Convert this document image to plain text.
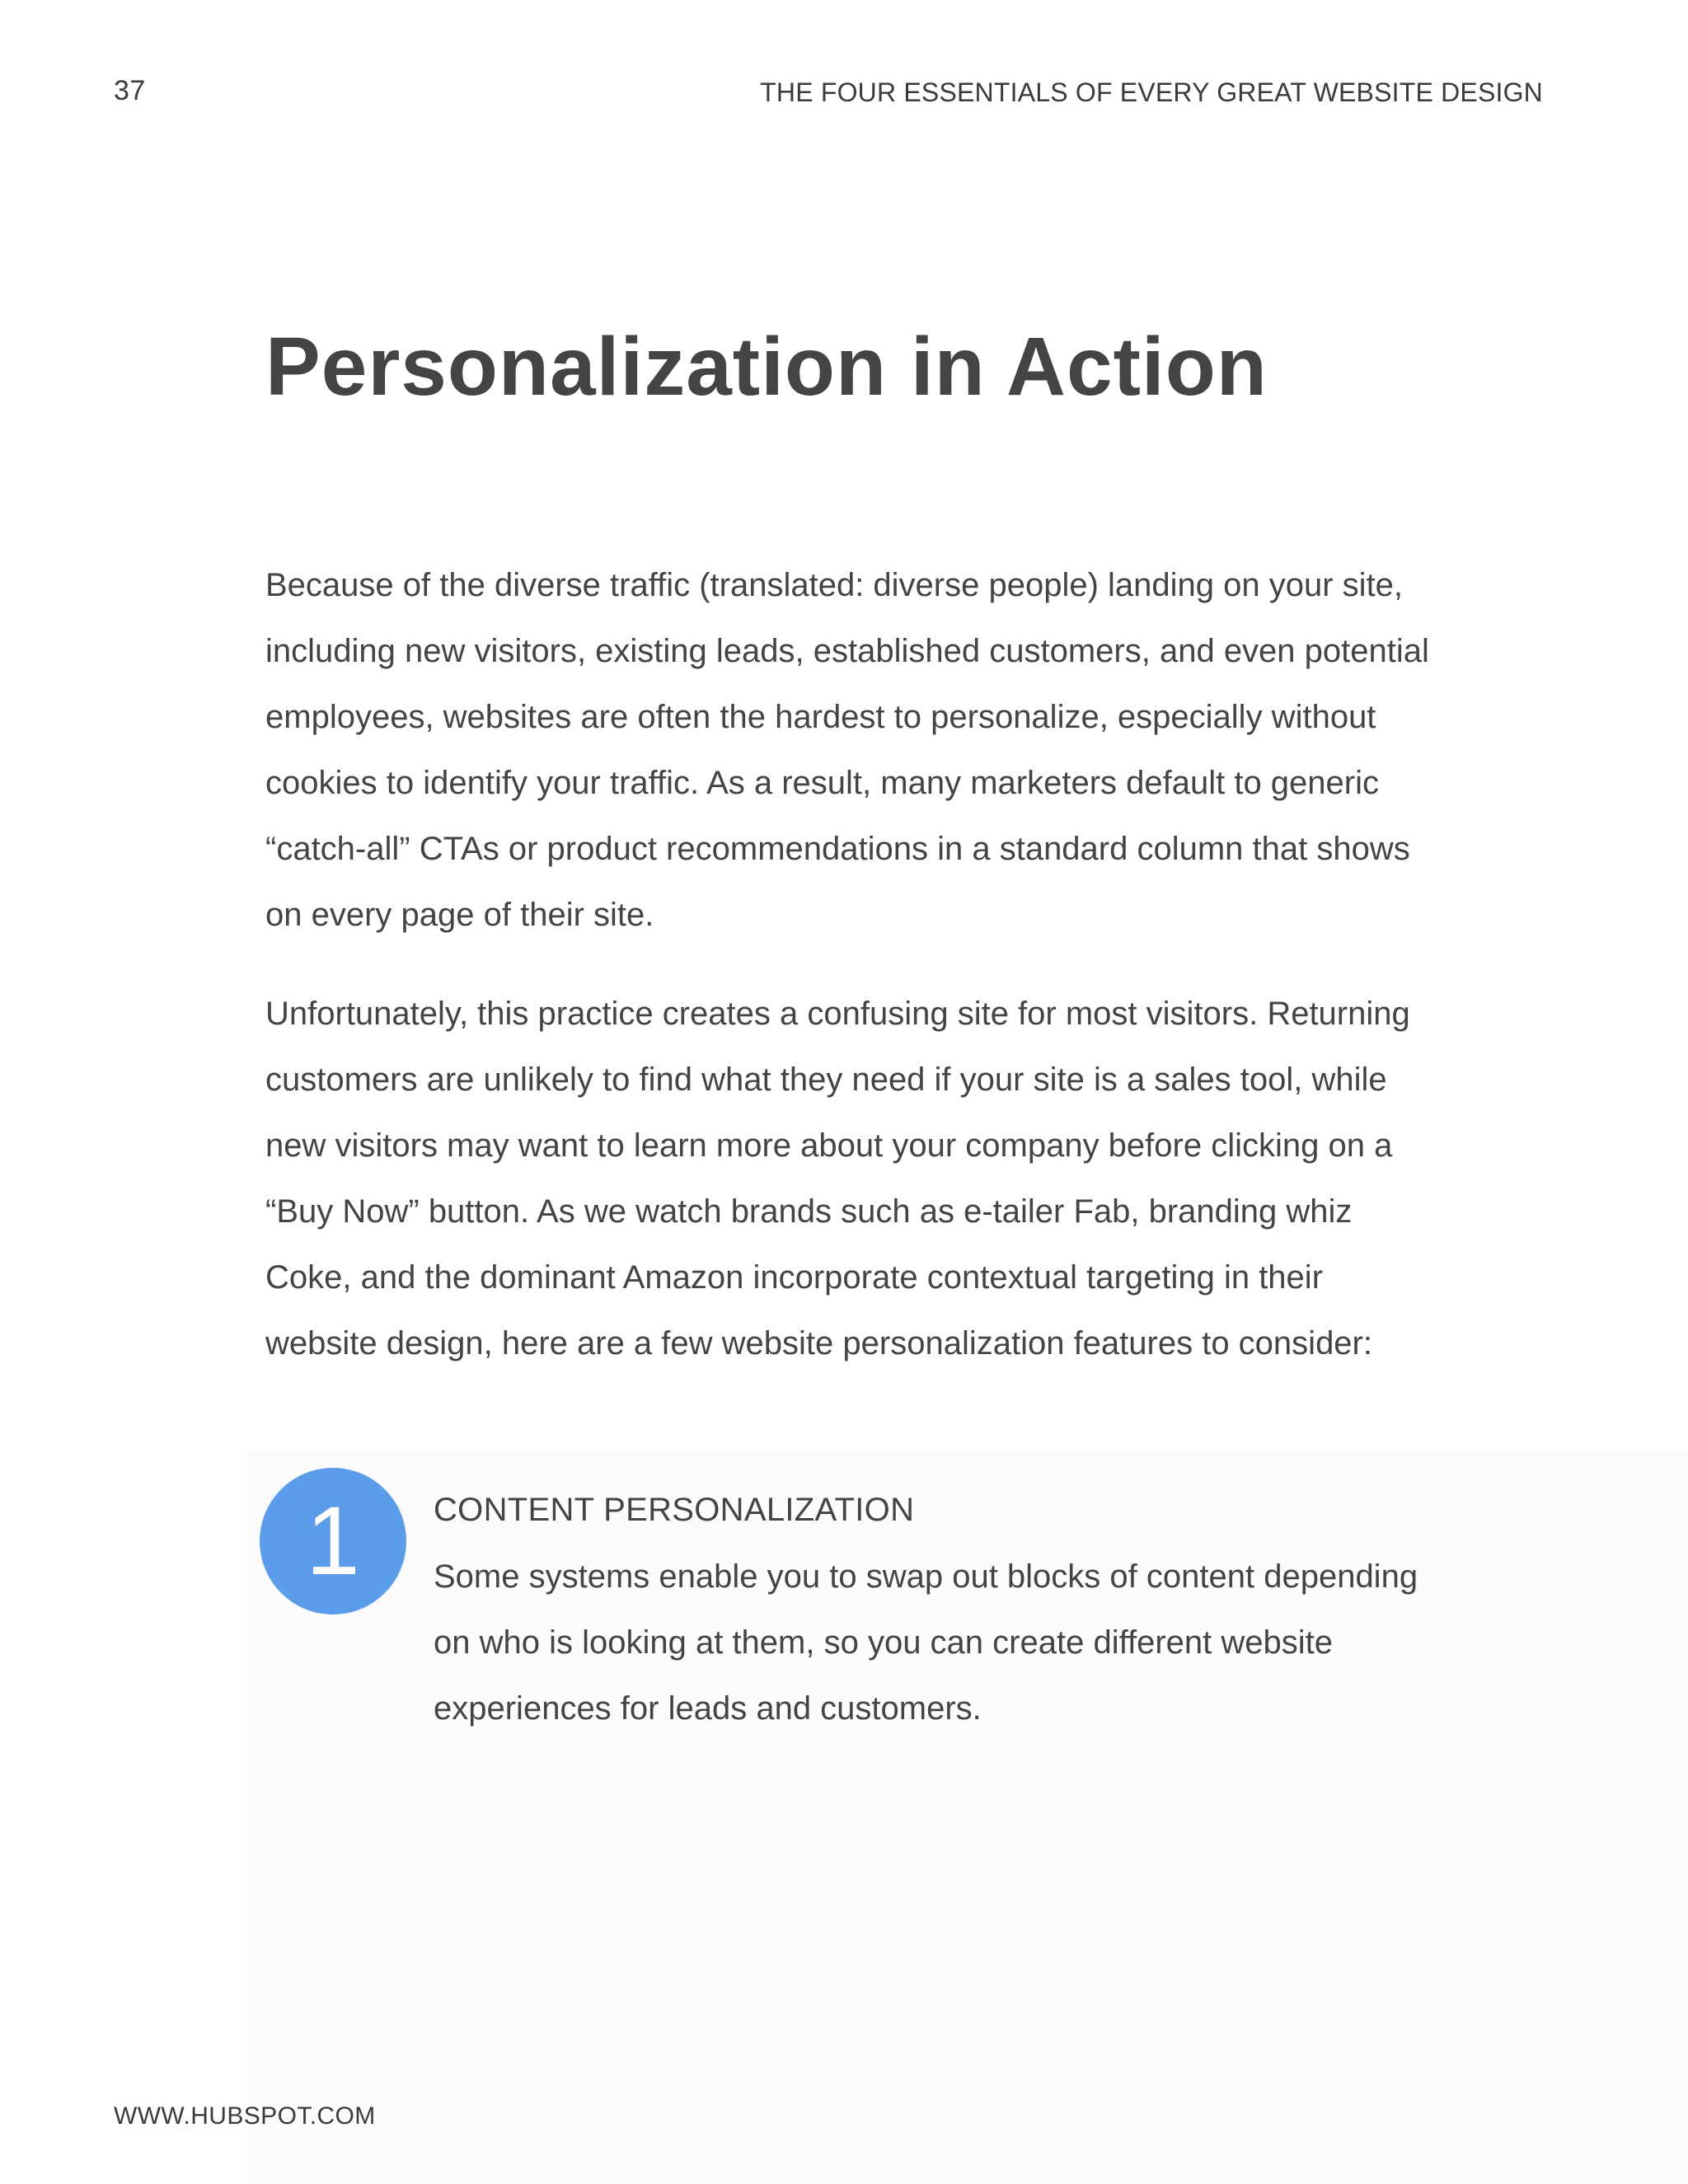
37	THE FOUR ESSENTIALS OF EVERY GREAT WEBSITE DESIGN
Personalization in Action

Because of the diverse traffic (translated: diverse people) landing on your site, including new visitors, existing leads, established customers, and even potential employees, websites are often the hardest to personalize, especially without cookies to identify your traffic. As a result, many marketers default to generic “catch-all” CTAs or product recommendations in a standard column that shows on every page of their site.

Unfortunately, this practice creates a confusing site for most visitors. Returning customers are unlikely to find what they need if your site is a sales tool, while new visitors may want to learn more about your company before clicking on a “Buy Now” button. As we watch brands such as e-tailer Fab, branding whiz Coke, and the dominant Amazon incorporate contextual targeting in their website design, here are a few website personalization features to consider:

1	CONTENT PERSONALIZATION

Some systems enable you to swap out blocks of content depending on who is looking at them, so you can create different website experiences for leads and customers.

WWW.HUBSPOT.COM
